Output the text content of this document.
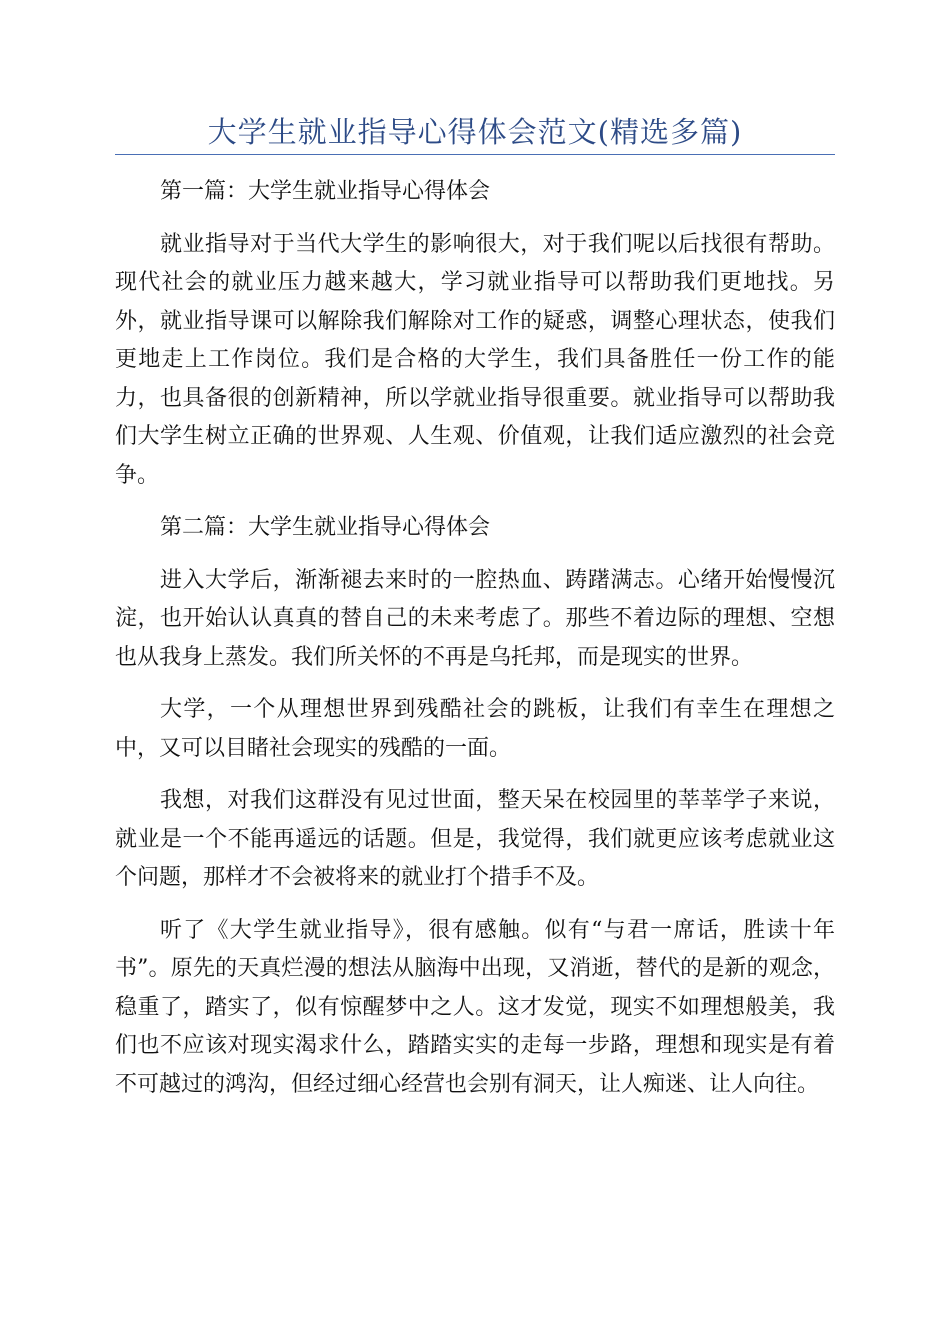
大学生就业指导心得体会范文(精选多篇)

第一篇：大学生就业指导心得体会

就业指导对于当代大学生的影响很大，对于我们呢以后找很有帮助。现代社会的就业压力越来越大，学习就业指导可以帮助我们更地找。另外，就业指导课可以解除我们解除对工作的疑惑，调整心理状态，使我们更地走上工作岗位。我们是合格的大学生，我们具备胜任一份工作的能力，也具备很的创新精神，所以学就业指导很重要。就业指导可以帮助我们大学生树立正确的世界观、人生观、价值观，让我们适应激烈的社会竞争。

第二篇：大学生就业指导心得体会

进入大学后，渐渐褪去来时的一腔热血、踌躇满志。心绪开始慢慢沉淀，也开始认认真真的替自己的未来考虑了。那些不着边际的理想、空想也从我身上蒸发。我们所关怀的不再是乌托邦，而是现实的世界。

大学，一个从理想世界到残酷社会的跳板，让我们有幸生在理想之中，又可以目睹社会现实的残酷的一面。

我想，对我们这群没有见过世面，整天呆在校园里的莘莘学子来说，就业是一个不能再遥远的话题。但是，我觉得，我们就更应该考虑就业这个问题，那样才不会被将来的就业打个措手不及。

听了《大学生就业指导》，很有感触。似有“与君一席话，胜读十年书”。原先的天真烂漫的想法从脑海中出现，又消逝，替代的是新的观念，稳重了，踏实了，似有惊醒梦中之人。这才发觉，现实不如理想般美，我们也不应该对现实渴求什么，踏踏实实的走每一步路，理想和现实是有着不可越过的鸿沟，但经过细心经营也会别有洞天，让人痴迷、让人向往。
